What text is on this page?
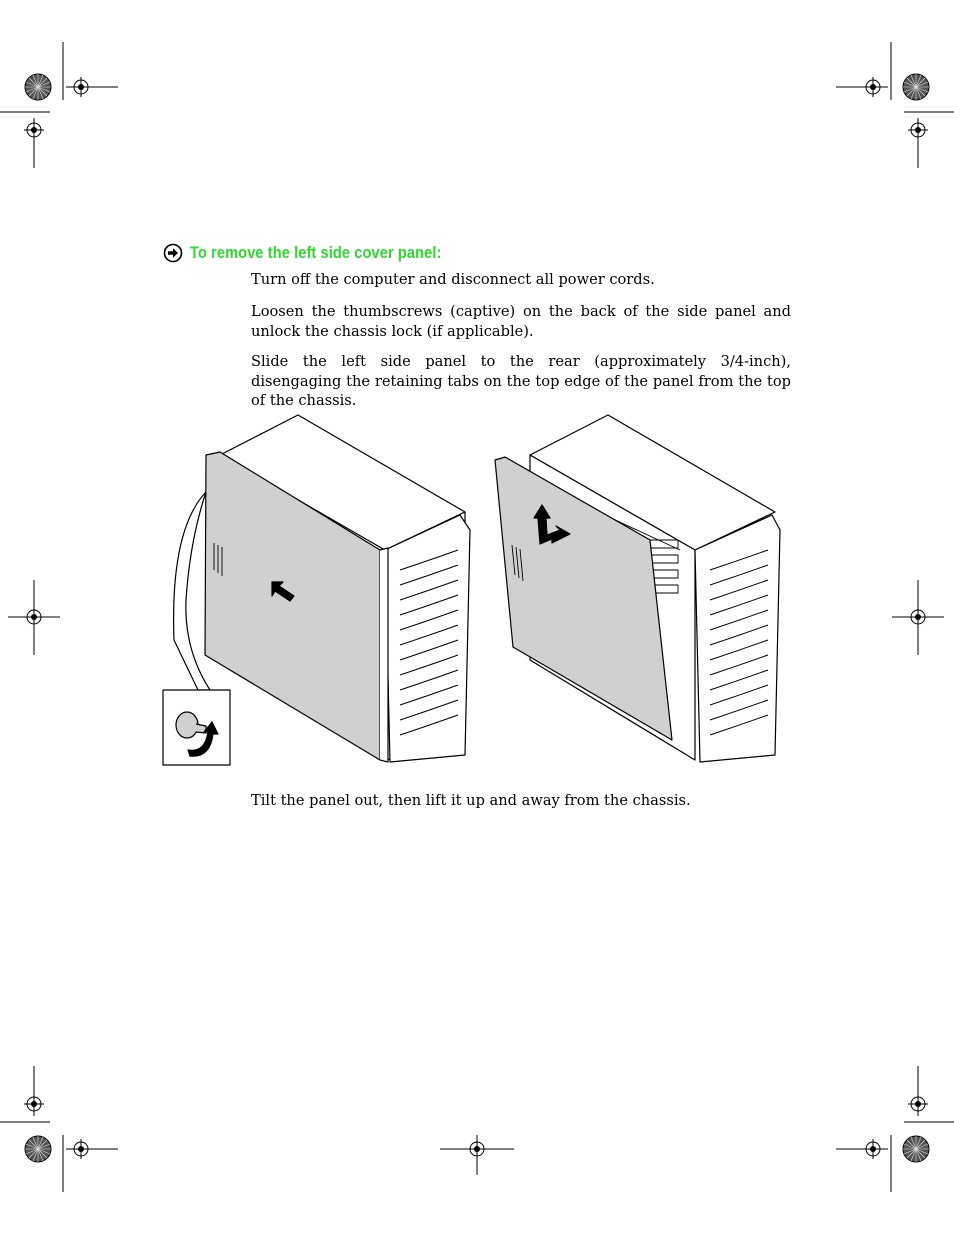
To remove the left side cover panel:

Turn off the computer and disconnect all power cords.

Loosen the thumbscrews (captive) on the back of the side panel and unlock the chassis lock (if applicable).

Slide the left side panel to the rear (approximately 3/4-inch), disengaging the retaining tabs on the top edge of the panel from the top of the chassis.

Tilt the panel out, then lift it up and away from the chassis.
